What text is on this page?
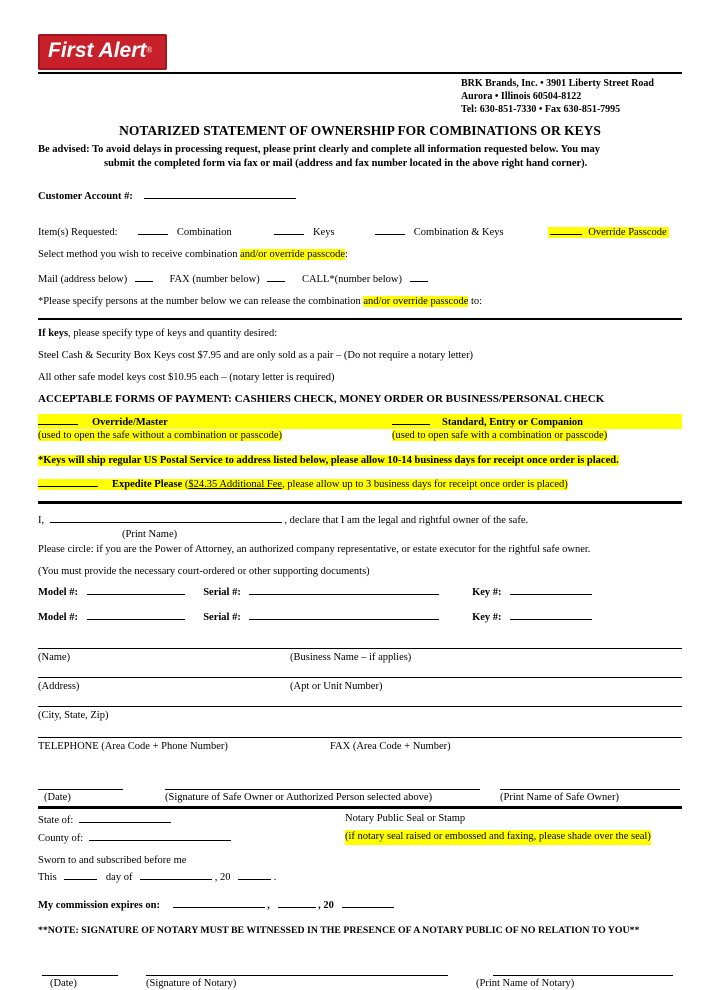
First Alert®
BRK Brands, Inc. • 3901 Liberty Street Road
Aurora • Illinois 60504-8122
Tel: 630-851-7330 • Fax 630-851-7995
NOTARIZED STATEMENT OF OWNERSHIP FOR COMBINATIONS OR KEYS
Be advised: To avoid delays in processing request, please print clearly and complete all information requested below. You may
submit the completed form via fax or mail (address and fax number located in the above right hand corner).
Customer Account #:
Item(s) Requested:	Combination	Keys	Combination & Keys	Override Passcode
Select method you wish to receive combination and/or override passcode:
Mail (address below)	FAX (number below)	CALL*(number below)
*Please specify persons at the number below we can release the combination and/or override passcode to:
If keys, please specify type of keys and quantity desired:
Steel Cash & Security Box Keys cost $7.95 and are only sold as a pair – (Do not require a notary letter)
All other safe model keys cost $10.95 each – (notary letter is required)
ACCEPTABLE FORMS OF PAYMENT: CASHIERS CHECK, MONEY ORDER OR BUSINESS/PERSONAL CHECK
Override/Master
(used to open the safe without a combination or passcode)
Standard, Entry or Companion
(used to open safe with a combination or passcode)
*Keys will ship regular US Postal Service to address listed below, please allow 10-14 business days for receipt once order is placed.
Expedite Please ($24.35 Additional Fee, please allow up to 3 business days for receipt once order is placed)
I,	, declare that I am the legal and rightful owner of the safe.
(Print Name)
Please circle: if you are the Power of Attorney, an authorized company representative, or estate executor for the rightful safe owner.
(You must provide the necessary court-ordered or other supporting documents)
Model #:	Serial #:	Key #:
Model #:	Serial #:	Key #:
(Name)	(Business Name – if applies)
(Address)	(Apt or Unit Number)
(City, State, Zip)
TELEPHONE (Area Code + Phone Number)	FAX (Area Code + Number)
(Date)	(Signature of Safe Owner or Authorized Person selected above)	(Print Name of Safe Owner)
State of:	Notary Public Seal or Stamp
County of:	(if notary seal raised or embossed and faxing, please shade over the seal)
Sworn to and subscribed before me
This	day of	, 20	.
My commission expires on:	,	, 20
**NOTE: SIGNATURE OF NOTARY MUST BE WITNESSED IN THE PRESENCE OF A NOTARY PUBLIC OF NO RELATION TO YOU**
(Date)	(Signature of Notary)	(Print Name of Notary)
